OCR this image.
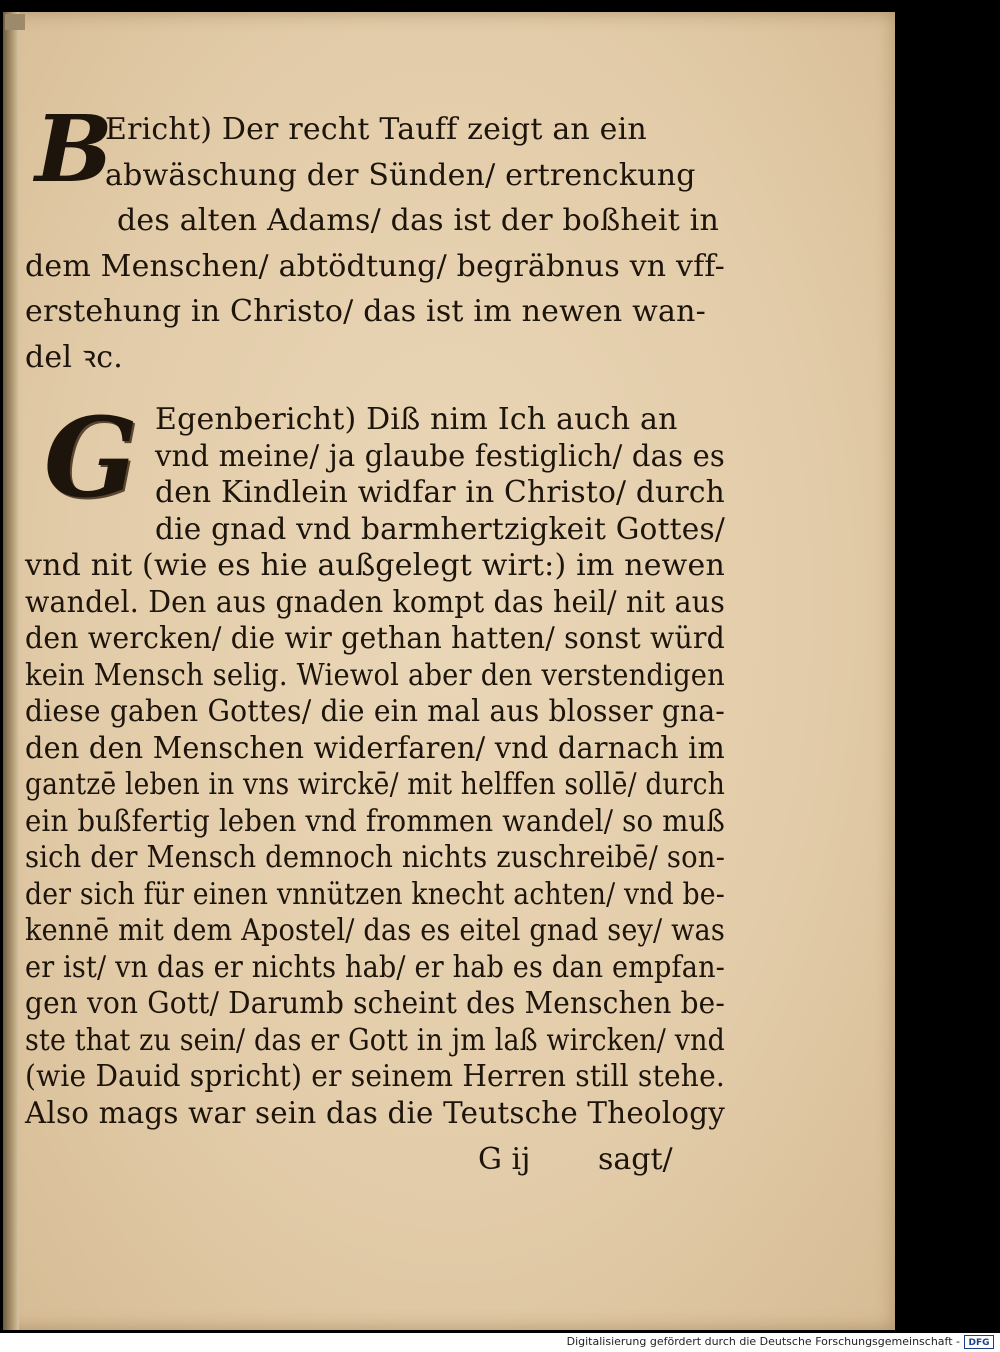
B
Ericht) Der recht Tauff zeigt an ein
abwäschung der Sünden/ ertrenckung
des alten Adams/ das ist der boßheit in
dem Menschen/ abtödtung/ begräbnus vn vff-
erstehung in Christo/ das ist im newen wan-
del ꝛc.
G Egenbericht) Diß nim Ich auch an
vnd meine/ ja glaube festiglich/ das es
den Kindlein widfar in Christo/ durch
die gnad vnd barmhertzigkeit Gottes/
vnd nit (wie es hie außgelegt wirt:) im newen
wandel. Den aus gnaden kompt das heil/ nit aus
den wercken/ die wir gethan hatten/ sonst würd
kein Mensch selig. Wiewol aber den verstendigen
diese gaben Gottes/ die ein mal aus blosser gna-
den den Menschen widerfaren/ vnd darnach im
gantzē leben in vns wirckē/ mit helffen sollē/ durch
ein bußfertig leben vnd frommen wandel/ so muß
sich der Mensch demnoch nichts zuschreibē/ son-
der sich für einen vnnützen knecht achten/ vnd be-
kennē mit dem Apostel/ das es eitel gnad sey/ was
er ist/ vn das er nichts hab/ er hab es dan empfan-
gen von Gott/ Darumb scheint des Menschen be-
ste that zu sein/ das er Gott in jm laß wircken/ vnd
(wie Dauid spricht) er seinem Herren still stehe.
Also mags war sein das die Teutsche Theology
G ij sagt/
Digitalisierung gefördert durch die Deutsche Forschungsgemeinschaft - DFG
